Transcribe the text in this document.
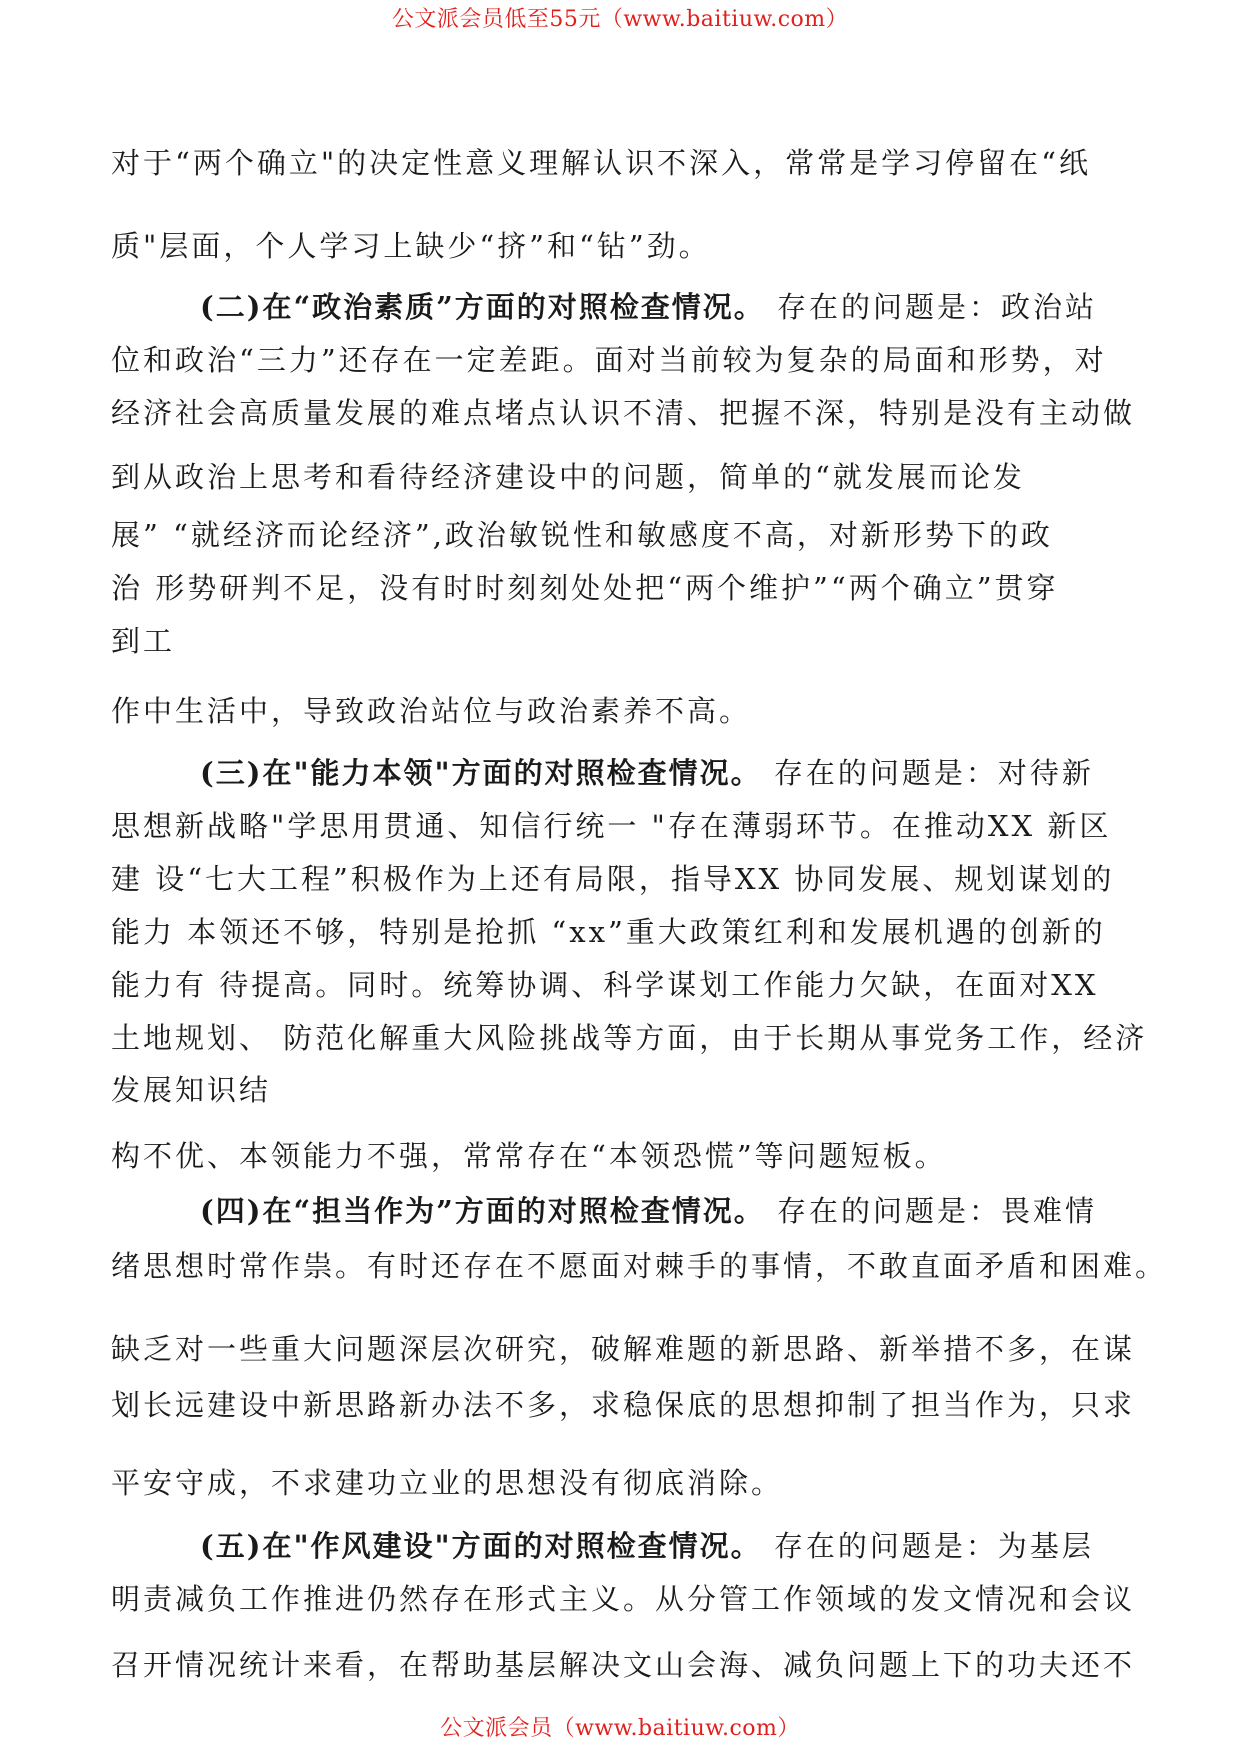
公文派会员低至55元（www.baitiuw.com）
对于“两个确立"的决定性意义理解认识不深入，常常是学习停留在“纸
质"层面，个人学习上缺少“挤”和“钻”劲。
(二)在“政治素质”方面的对照检查情况。 存在的问题是：政治站
位和政治“三力”还存在一定差距。面对当前较为复杂的局面和形势，对
经济社会高质量发展的难点堵点认识不清、把握不深，特别是没有主动做
到从政治上思考和看待经济建设中的问题，简单的“就发展而论发
展” “就经济而论经济”,政治敏锐性和敏感度不高，对新形势下的政
治 形势研判不足，没有时时刻刻处处把“两个维护”“两个确立”贯穿
到工
作中生活中，导致政治站位与政治素养不高。
(三)在"能力本领"方面的对照检查情况。 存在的问题是：对待新
思想新战略"学思用贯通、知信行统一 "存在薄弱环节。在推动XX 新区
建 设“七大工程”积极作为上还有局限，指导XX 协同发展、规划谋划的
能力 本领还不够，特别是抢抓 “xx”重大政策红利和发展机遇的创新的
能力有 待提高。同时。统筹协调、科学谋划工作能力欠缺，在面对XX
土地规划、 防范化解重大风险挑战等方面，由于长期从事党务工作，经济
发展知识结
构不优、本领能力不强，常常存在“本领恐慌”等问题短板。
(四)在“担当作为”方面的对照检查情况。 存在的问题是：畏难情
绪思想时常作祟。有时还存在不愿面对棘手的事情，不敢直面矛盾和困难。
缺乏对一些重大问题深层次研究，破解难题的新思路、新举措不多，在谋
划长远建设中新思路新办法不多，求稳保底的思想抑制了担当作为，只求
平安守成，不求建功立业的思想没有彻底消除。
(五)在"作风建设"方面的对照检查情况。 存在的问题是：为基层
明责减负工作推进仍然存在形式主义。从分管工作领域的发文情况和会议
召开情况统计来看，在帮助基层解决文山会海、减负问题上下的功夫还不
公文派会员（www.baitiuw.com）
